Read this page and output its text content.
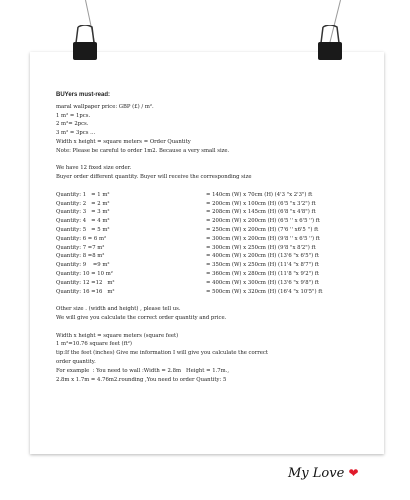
BUYers must-read:
maral wallpaper price: GBP (£) / m².
1 m² = 1pcs.
2 m²= 2pcs.
3 m² = 3pcs ...
Width x height = square meters = Order Quantity
Note: Please be careful to order 1m2. Because a very small size.
We have 12 fixed size order.
Buyer order different quantity. Buyer will receive the corresponding size
Quantity: 1   = 1 m²	= 140cm (W) x 70cm (H) (4'3 "x 2'3") ft
Quantity: 2   = 2 m²	= 200cm (W) x 100cm (H) (6'5 "x 3'2") ft
Quantity: 3   = 3 m²	= 208cm (W) x 145cm (H) (6'8 "x 4'8") ft
Quantity: 4   = 4 m²	= 200cm (W) x 200cm (H) (6'5 '' x 6'5 '') ft
Quantity: 5   = 5 m²	= 250cm (W) x 200cm (H) (7'6 '' x6'5 '') ft
Quantity: 6 = 6 m²	= 300cm (W) x 200cm (H) (9'8 '' x 6'5 '') ft
Quantity: 7 =7 m²	= 300cm (W) x 250cm (H) (9'8 "x 8'2") ft
Quantity: 8 =8 m²	= 400cm (W) x 200cm (H) (13'6 "x 6'5") ft
Quantity: 9    =9 m²	= 350cm (W) x 250cm (H) (11'4 "x 8'7") ft
Quantity: 10 = 10 m²	= 360cm (W) x 280cm (H) (11'8 "x 9'2") ft
Quantity: 12 =12   m²	= 400cm (W) x 300cm (H) (13'6 "x 9'8") ft
Quantity: 16 =16   m²	= 500cm (W) x 320cm (H) (16'4 "x 10'5") ft
Other size . (width and height) , please tell us.
We will give you calculate the correct order quantity and price.
Width x height = square meters (square feet)
1 m²=10.76 square feet (ft²)
tip:If the feet (inches) Give me information I will give you calculate the correct
order quantity.
For example  : You need to wall :Width = 2.8m   Height = 1.7m.,
2.8m x 1.7m = 4.76m2.rounding ,You need to order Quantity: 5
My Love ❤
